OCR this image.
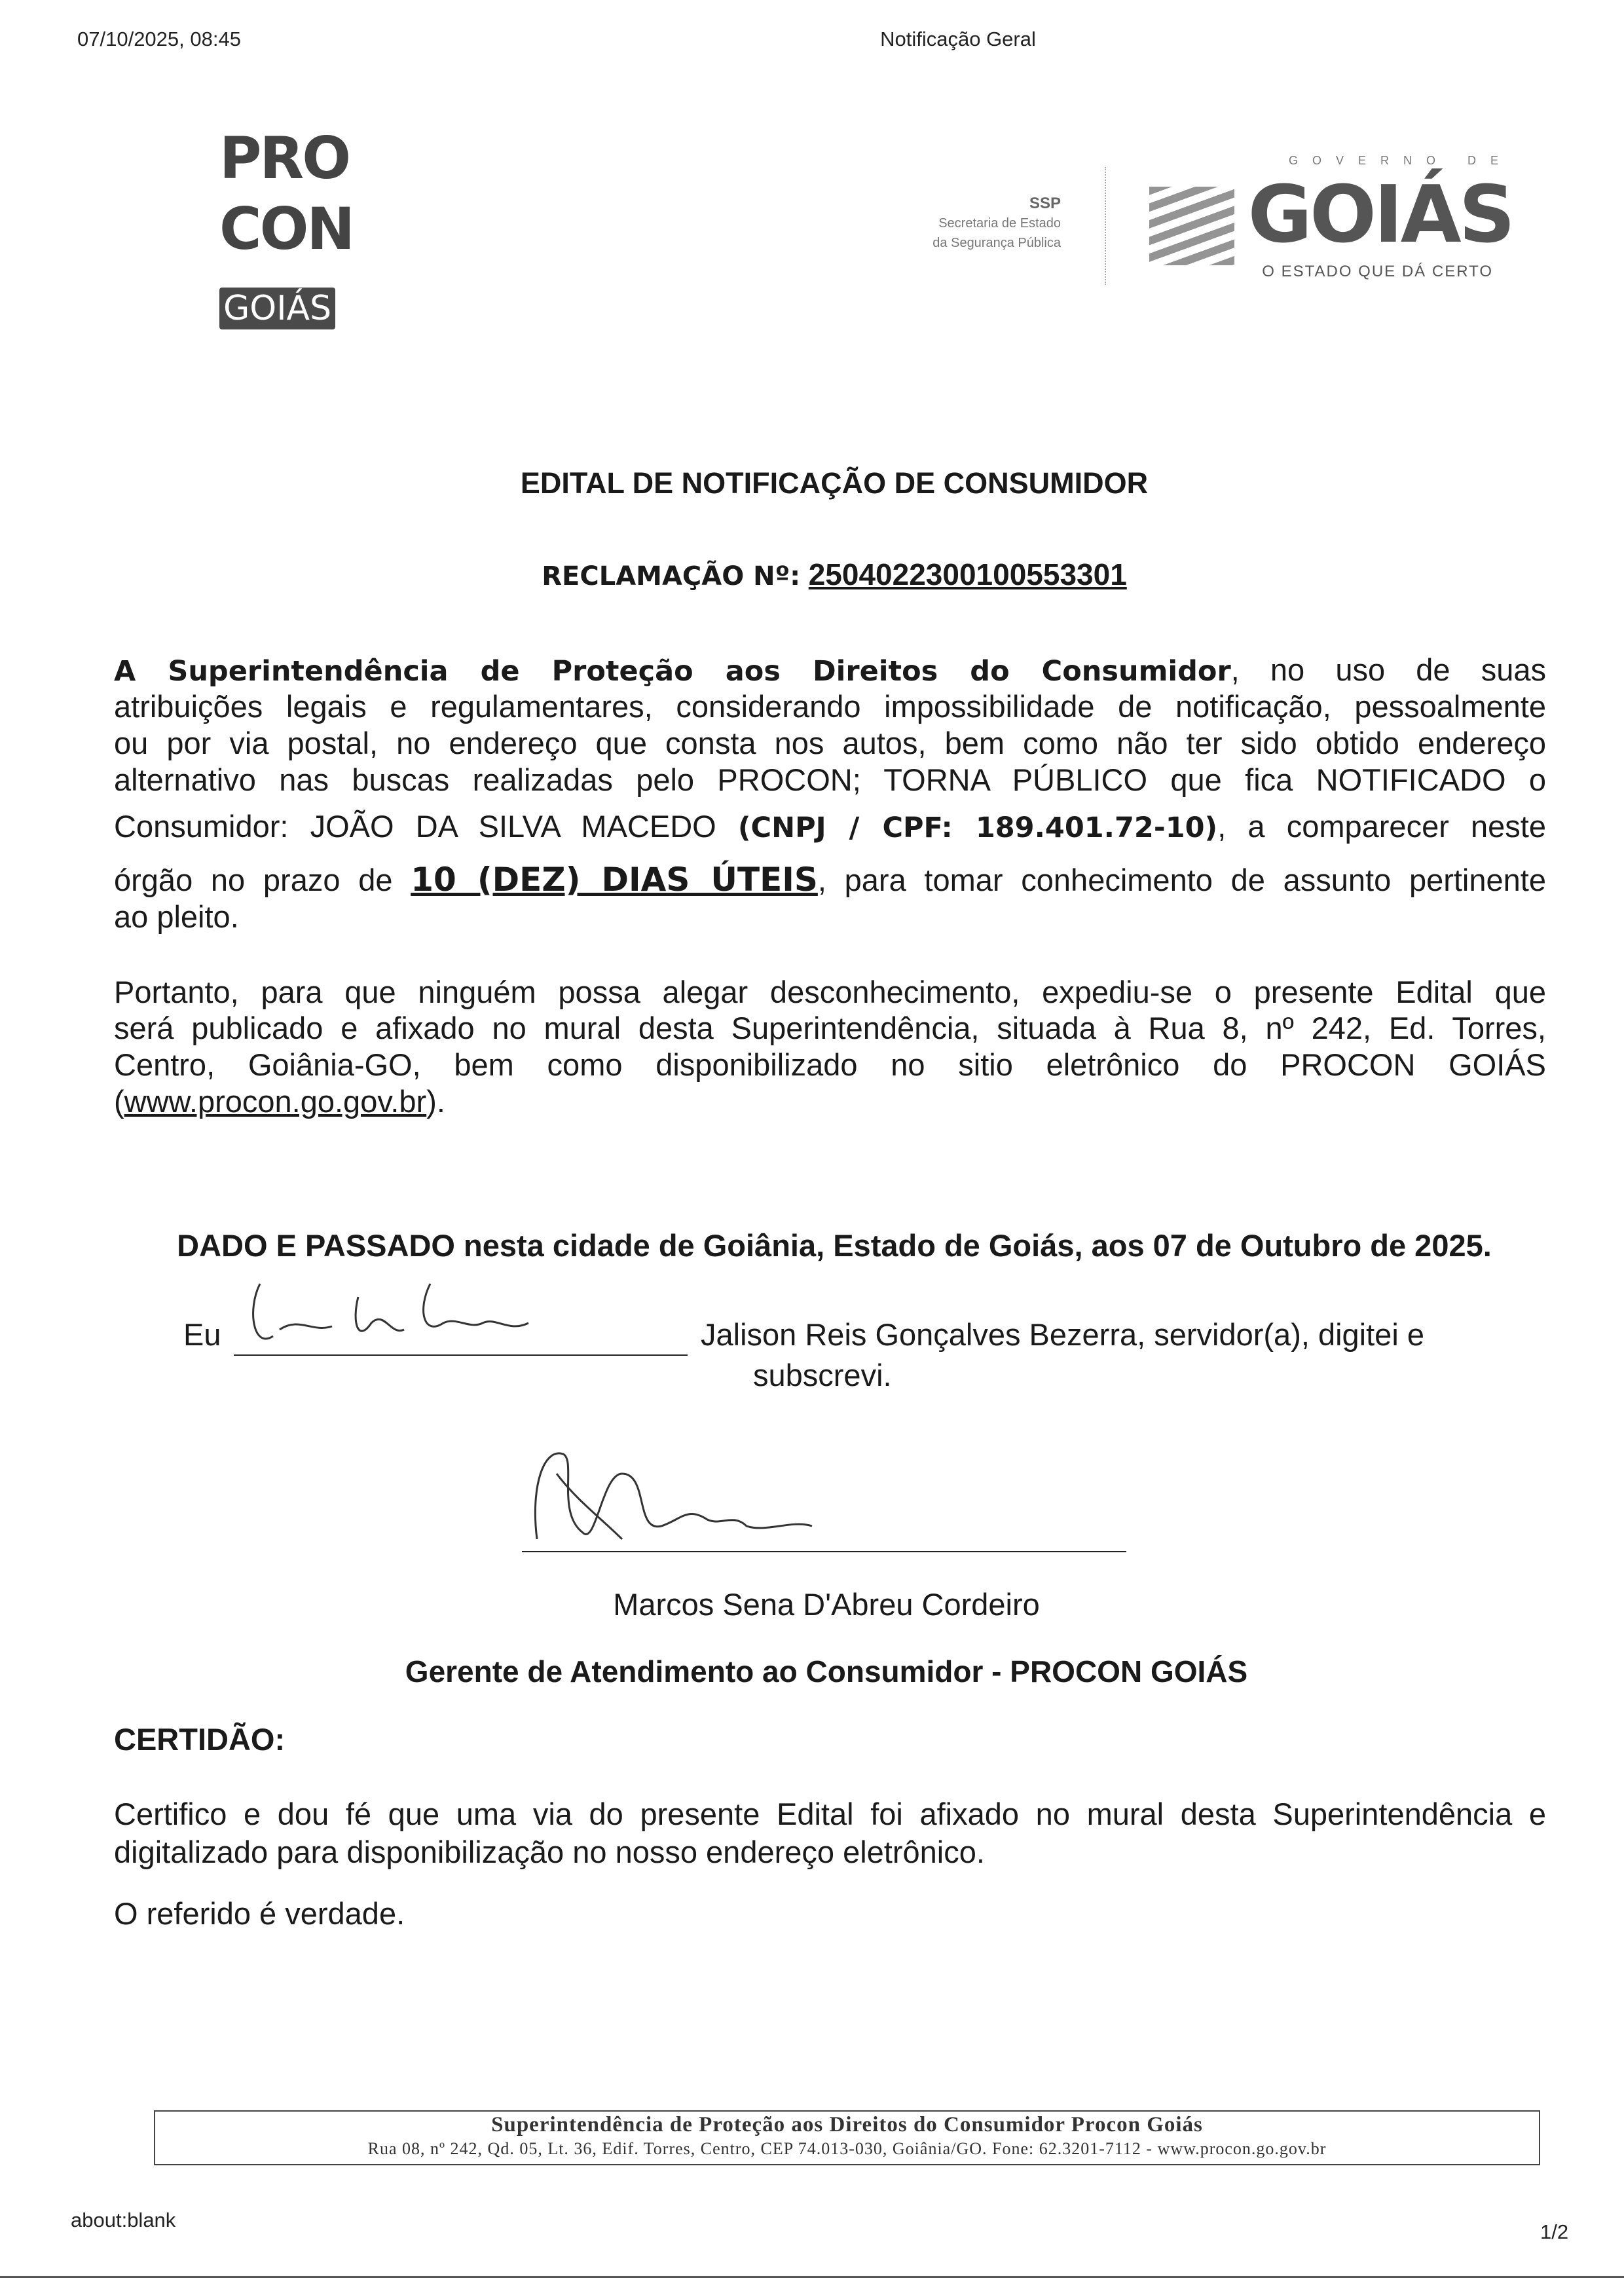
07/10/2025, 08:45	Notificação Geral
PRO
CON
GOIÁS
SSP
Secretaria de Estado
da Segurança Pública
GOVERNO DE
GOIÁS
O ESTADO QUE DÁ CERTO
EDITAL DE NOTIFICAÇÃO DE CONSUMIDOR
RECLAMAÇÃO Nº: 2504022300100553301
A Superintendência de Proteção aos Direitos do Consumidor, no uso de suas
atribuições legais e regulamentares, considerando impossibilidade de notificação, pessoalmente
ou por via postal, no endereço que consta nos autos, bem como não ter sido obtido endereço
alternativo nas buscas realizadas pelo PROCON; TORNA PÚBLICO que fica NOTIFICADO o
Consumidor: JOÃO DA SILVA MACEDO (CNPJ / CPF: 189.401.72-10), a comparecer neste
órgão no prazo de 10 (DEZ) DIAS ÚTEIS, para tomar conhecimento de assunto pertinente
ao pleito.
Portanto, para que ninguém possa alegar desconhecimento, expediu-se o presente Edital que
será publicado e afixado no mural desta Superintendência, situada à Rua 8, nº 242, Ed. Torres,
Centro, Goiânia-GO, bem como disponibilizado no sitio eletrônico do PROCON GOIÁS
(www.procon.go.gov.br).
DADO E PASSADO nesta cidade de Goiânia, Estado de Goiás, aos 07 de Outubro de 2025.
Eu	Jalison Reis Gonçalves Bezerra, servidor(a), digitei e
subscrevi.
Marcos Sena D'Abreu Cordeiro
Gerente de Atendimento ao Consumidor - PROCON GOIÁS
CERTIDÃO:
Certifico e dou fé que uma via do presente Edital foi afixado no mural desta Superintendência e
digitalizado para disponibilização no nosso endereço eletrônico.
O referido é verdade.
Superintendência de Proteção aos Direitos do Consumidor Procon Goiás
Rua 08, nº 242, Qd. 05, Lt. 36, Edif. Torres, Centro, CEP 74.013-030, Goiânia/GO. Fone: 62.3201-7112 - www.procon.go.gov.br
about:blank
1/2
